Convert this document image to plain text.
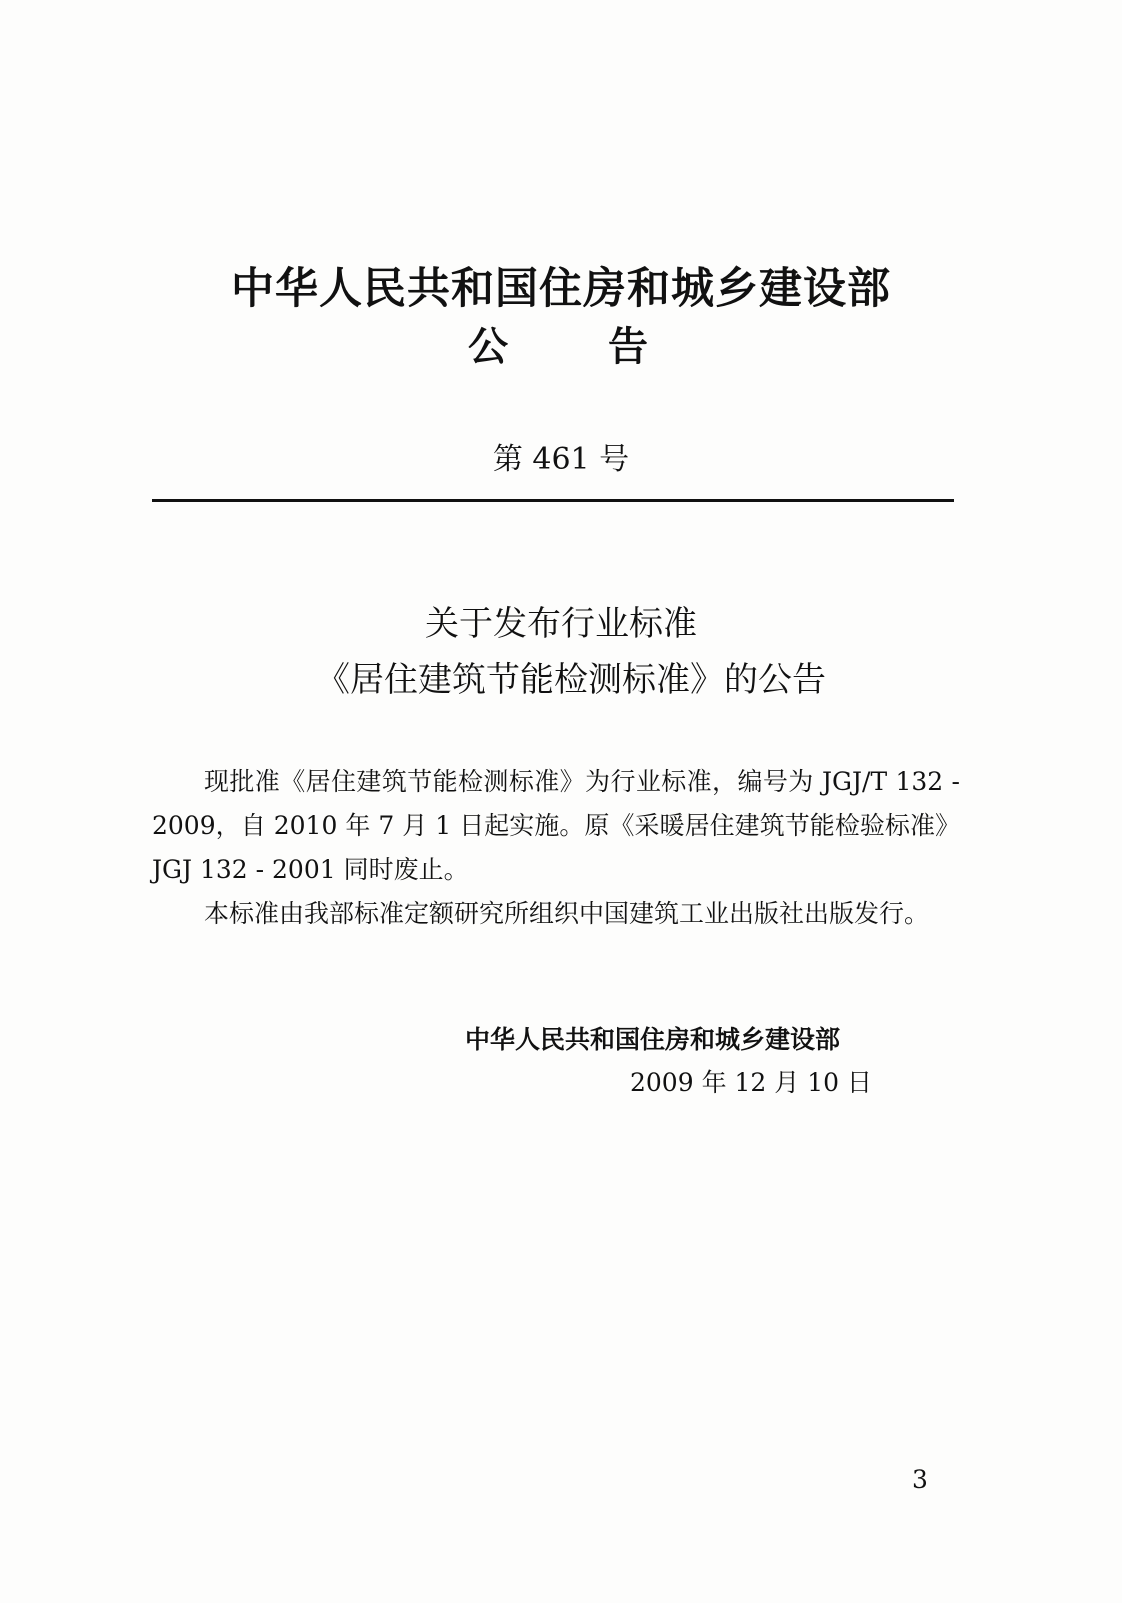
中华人民共和国住房和城乡建设部
公	告
第 461 号
关于发布行业标准
《居住建筑节能检测标准》的公告

现批准《居住建筑节能检测标准》为行业标准，编号为 JGJ/T 132 - 2009，自 2010 年 7 月 1 日起实施。原《采暖居住建筑节能检验标准》JGJ 132 - 2001 同时废止。

本标准由我部标准定额研究所组织中国建筑工业出版社出版发行。

中华人民共和国住房和城乡建设部
2009 年 12 月 10 日
3
